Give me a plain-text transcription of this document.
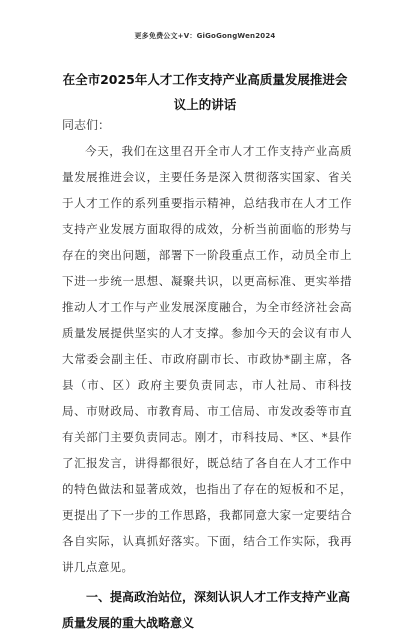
更多免费公文+V：GiGoGongWen2024
在全市2025年人才工作支持产业高质量发展推进会议上的讲话

同志们：

今天，我们在这里召开全市人才工作支持产业高质量发展推进会议，主要任务是深入贯彻落实国家、省关于人才工作的系列重要指示精神，总结我市在人才工作支持产业发展方面取得的成效，分析当前面临的形势与存在的突出问题，部署下一阶段重点工作，动员全市上下进一步统一思想、凝聚共识，以更高标准、更实举措推动人才工作与产业发展深度融合，为全市经济社会高质量发展提供坚实的人才支撑。参加今天的会议有市人大常委会副主任、市政府副市长、市政协*副主席，各县（市、区）政府主要负责同志，市人社局、市科技局、市财政局、市教育局、市工信局、市发改委等市直有关部门主要负责同志。刚才，市科技局、*区、*县作了汇报发言，讲得都很好，既总结了各自在人才工作中的特色做法和显著成效，也指出了存在的短板和不足，更提出了下一步的工作思路，我都同意大家一定要结合各自实际，认真抓好落实。下面，结合工作实际，我再讲几点意见。

一、提高政治站位，深刻认识人才工作支持产业高质量发展的重大战略意义
